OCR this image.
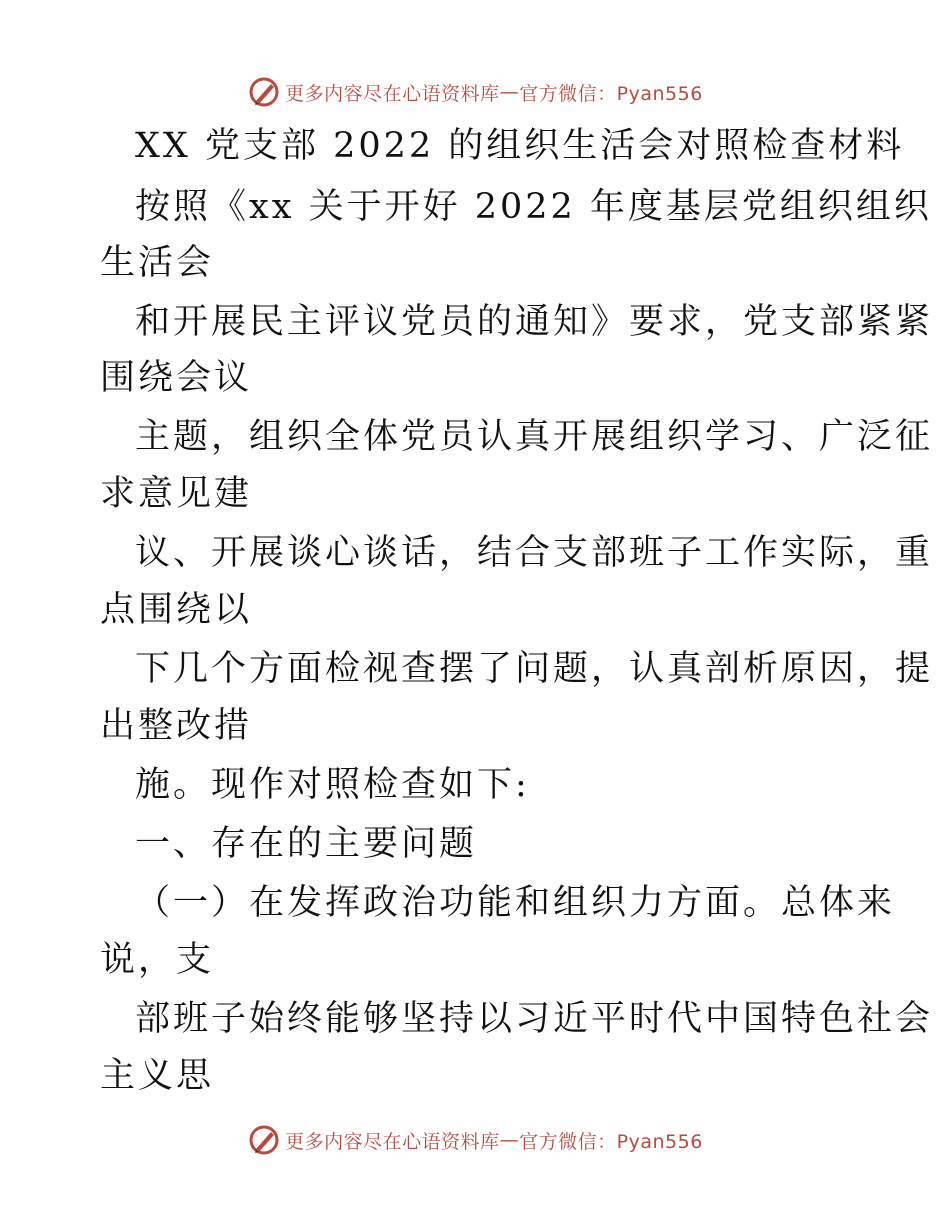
更多内容尽在心语资料库 — 官方微信：Pyan556
XX 党支部 2022 的组织生活会对照检查材料
按照《xx 关于开好 2022 年度基层党组织组织
生活会
和开展民主评议党员的通知》要求，党支部紧紧
围绕会议
主题，组织全体党员认真开展组织学习、广泛征
求意见建
议、开展谈心谈话，结合支部班子工作实际，重
点围绕以
下几个方面检视查摆了问题，认真剖析原因，提
出整改措
施。现作对照检查如下:
一、存在的主要问题
（一）在发挥政治功能和组织力方面。总体来
说，支
部班子始终能够坚持以习近平时代中国特色社会
主义思
更多内容尽在心语资料库 — 官方微信：Pyan556
